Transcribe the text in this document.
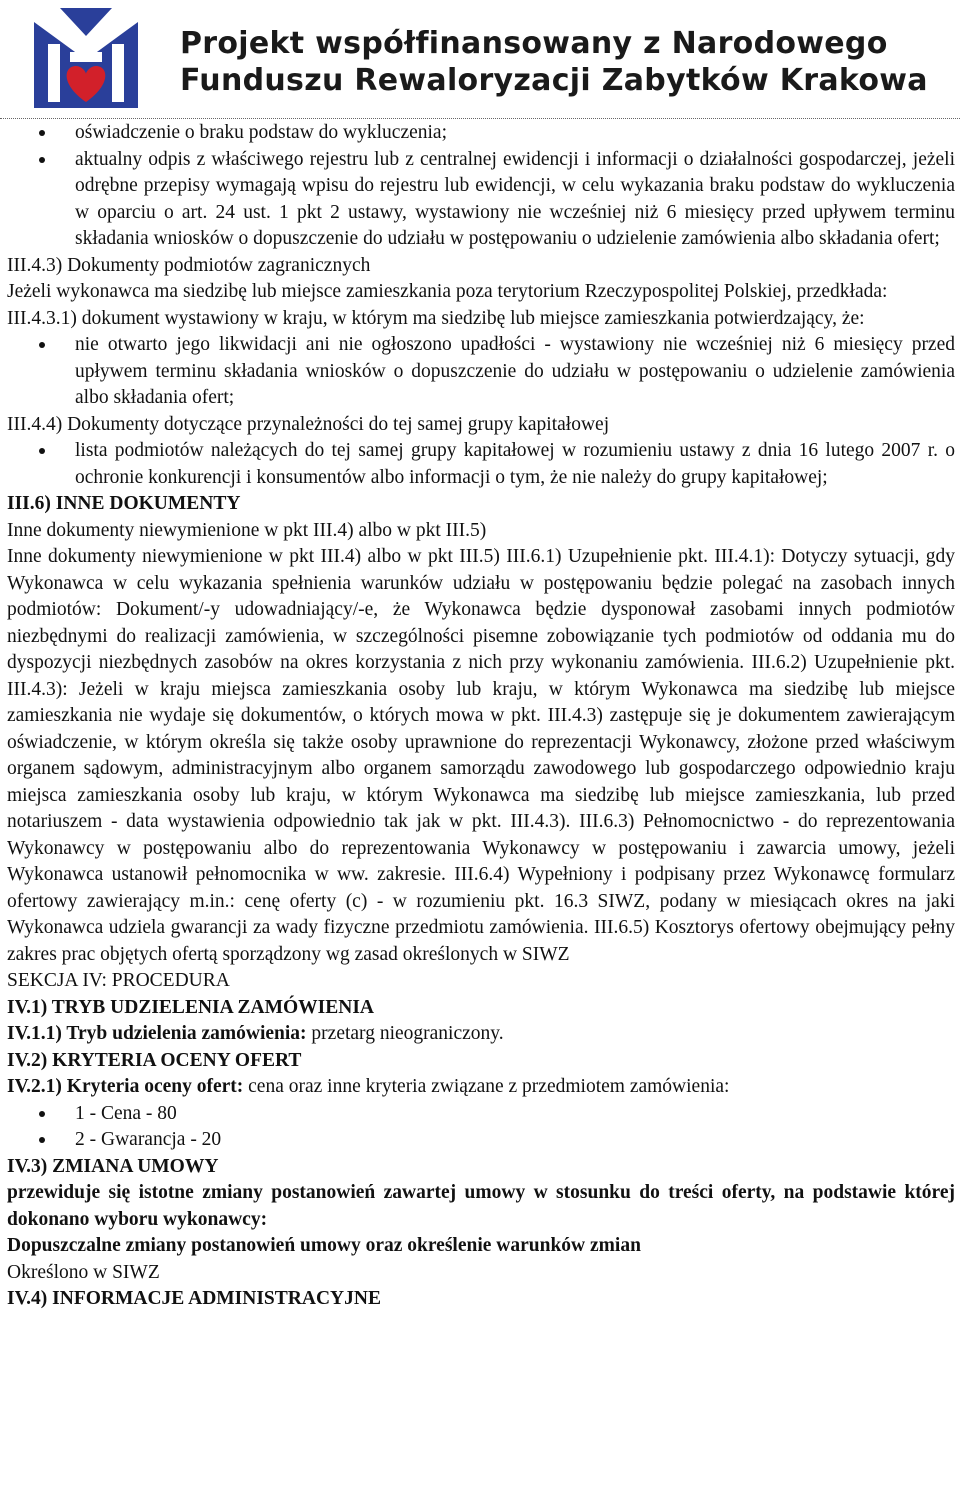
Projekt współfinansowany z Narodowego
Funduszu Rewaloryzacji Zabytków Krakowa
oświadczenie o braku podstaw do wykluczenia;
aktualny odpis z właściwego rejestru lub z centralnej ewidencji i informacji o działalności gospodarczej, jeżeli odrębne przepisy wymagają wpisu do rejestru lub ewidencji, w celu wykazania braku podstaw do wykluczenia w oparciu o art. 24 ust. 1 pkt 2 ustawy, wystawiony nie wcześniej niż 6 miesięcy przed upływem terminu składania wniosków o dopuszczenie do udziału w postępowaniu o udzielenie zamówienia albo składania ofert;

III.4.3) Dokumenty podmiotów zagranicznych

Jeżeli wykonawca ma siedzibę lub miejsce zamieszkania poza terytorium Rzeczypospolitej Polskiej, przedkłada:

III.4.3.1) dokument wystawiony w kraju, w którym ma siedzibę lub miejsce zamieszkania potwierdzający, że:

nie otwarto jego likwidacji ani nie ogłoszono upadłości - wystawiony nie wcześniej niż 6 miesięcy przed upływem terminu składania wniosków o dopuszczenie do udziału w postępowaniu o udzielenie zamówienia albo składania ofert;

III.4.4) Dokumenty dotyczące przynależności do tej samej grupy kapitałowej

lista podmiotów należących do tej samej grupy kapitałowej w rozumieniu ustawy z dnia 16 lutego 2007 r. o ochronie konkurencji i konsumentów albo informacji o tym, że nie należy do grupy kapitałowej;

III.6) INNE DOKUMENTY

Inne dokumenty niewymienione w pkt III.4) albo w pkt III.5)

Inne dokumenty niewymienione w pkt III.4) albo w pkt III.5) III.6.1) Uzupełnienie pkt. III.4.1): Dotyczy sytuacji, gdy Wykonawca w celu wykazania spełnienia warunków udziału w postępowaniu będzie polegać na zasobach innych podmiotów: Dokument/-y udowadniający/-e, że Wykonawca będzie dysponował zasobami innych podmiotów niezbędnymi do realizacji zamówienia, w szczególności pisemne zobowiązanie tych podmiotów od oddania mu do dyspozycji niezbędnych zasobów na okres korzystania z nich przy wykonaniu zamówienia. III.6.2) Uzupełnienie pkt. III.4.3): Jeżeli w kraju miejsca zamieszkania osoby lub kraju, w którym Wykonawca ma siedzibę lub miejsce zamieszkania nie wydaje się dokumentów, o których mowa w pkt. III.4.3) zastępuje się je dokumentem zawierającym oświadczenie, w którym określa się także osoby uprawnione do reprezentacji Wykonawcy, złożone przed właściwym organem sądowym, administracyjnym albo organem samorządu zawodowego lub gospodarczego odpowiednio kraju miejsca zamieszkania osoby lub kraju, w którym Wykonawca ma siedzibę lub miejsce zamieszkania, lub przed notariuszem - data wystawienia odpowiednio tak jak w pkt. III.4.3). III.6.3) Pełnomocnictwo - do reprezentowania Wykonawcy w postępowaniu albo do reprezentowania Wykonawcy w postępowaniu i zawarcia umowy, jeżeli Wykonawca ustanowił pełnomocnika w ww. zakresie. III.6.4) Wypełniony i podpisany przez Wykonawcę formularz ofertowy zawierający m.in.: cenę oferty (c) - w rozumieniu pkt. 16.3 SIWZ, podany w miesiącach okres na jaki Wykonawca udziela gwarancji za wady fizyczne przedmiotu zamówienia. III.6.5) Kosztorys ofertowy obejmujący pełny zakres prac objętych ofertą sporządzony wg zasad określonych w SIWZ

SEKCJA IV: PROCEDURA

IV.1) TRYB UDZIELENIA ZAMÓWIENIA

IV.1.1) Tryb udzielenia zamówienia: przetarg nieograniczony.

IV.2) KRYTERIA OCENY OFERT

IV.2.1) Kryteria oceny ofert: cena oraz inne kryteria związane z przedmiotem zamówienia:

1 - Cena - 80
2 - Gwarancja - 20

IV.3) ZMIANA UMOWY

przewiduje się istotne zmiany postanowień zawartej umowy w stosunku do treści oferty, na podstawie której dokonano wyboru wykonawcy:

Dopuszczalne zmiany postanowień umowy oraz określenie warunków zmian

Określono w SIWZ

IV.4) INFORMACJE ADMINISTRACYJNE
